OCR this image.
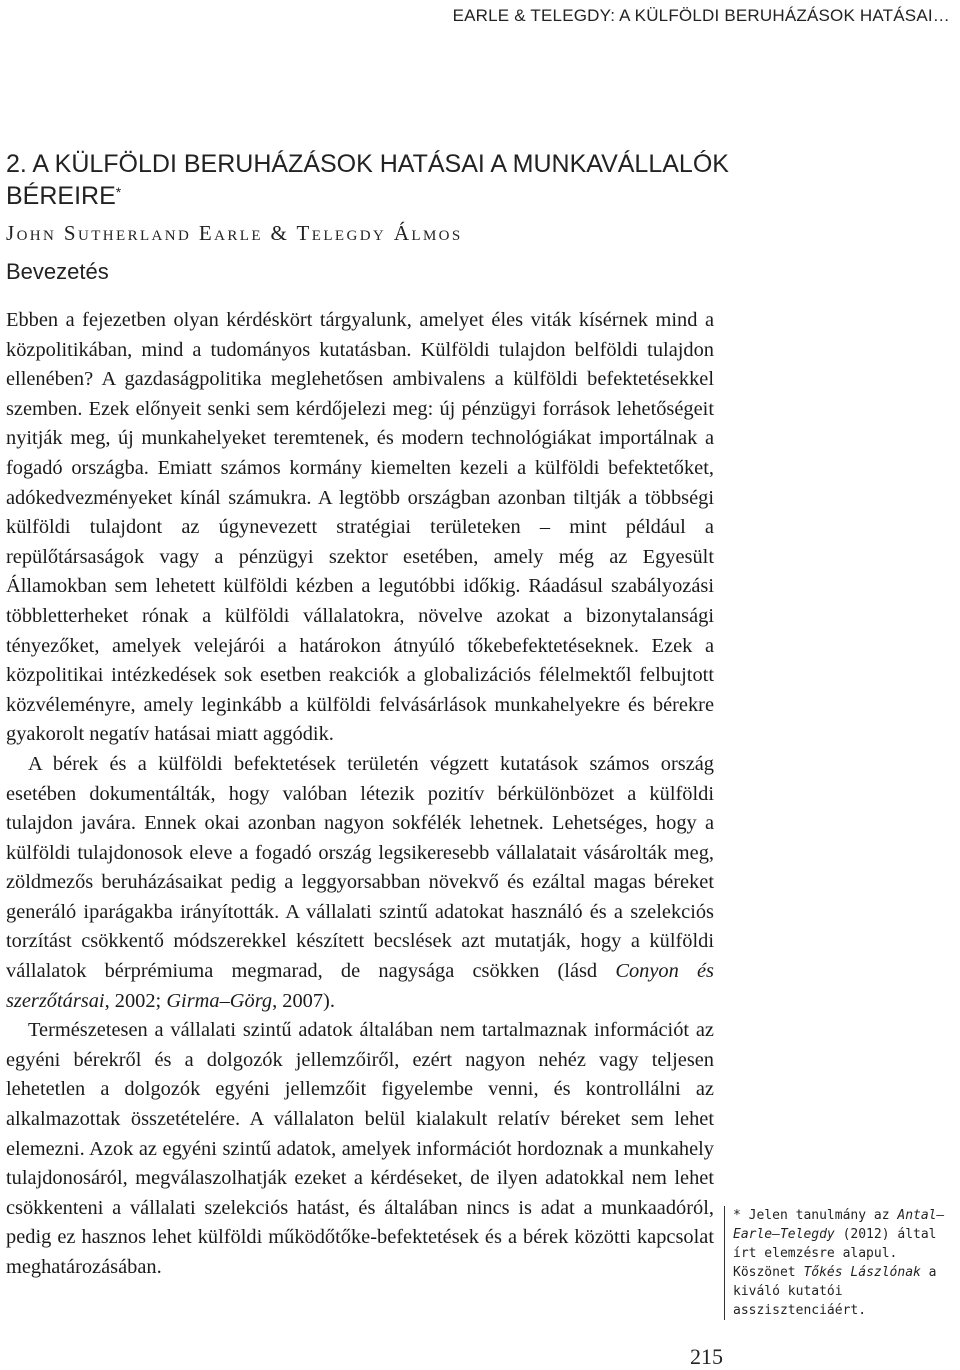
EARLE & TELEGDY: A KÜLFÖLDI BERUHÁZÁSOK HATÁSAI…
2. A KÜLFÖLDI BERUHÁZÁSOK HATÁSAI A MUNKAVÁLLALÓK BÉREIRE*
John Sutherland Earle & Telegdy Álmos
Bevezetés

Ebben a fejezetben olyan kérdéskört tárgyalunk, amelyet éles viták kísérnek mind a közpolitikában, mind a tudományos kutatásban. Külföldi tulajdon belföldi tulajdon ellenében? A gazdaságpolitika meglehetősen ambivalens a külföldi befektetésekkel szemben. Ezek előnyeit senki sem kérdőjelezi meg: új pénzügyi források lehetőségeit nyitják meg, új munkahelyeket teremtenek, és modern technológiákat importálnak a fogadó országba. Emiatt számos kormány kiemelten kezeli a külföldi befektetőket, adókedvezményeket kínál számukra. A legtöbb országban azonban tiltják a többségi külföldi tulajdont az úgynevezett stratégiai területeken – mint például a repülőtársaságok vagy a pénzügyi szektor esetében, amely még az Egyesült Államokban sem lehetett külföldi kézben a legutóbbi időkig. Ráadásul szabályozási többletterheket rónak a külföldi vállalatokra, növelve azokat a bizonytalansági tényezőket, amelyek velejárói a határokon átnyúló tőkebefektetéseknek. Ezek a közpolitikai intézkedések sok esetben reakciók a globalizációs félelmektől felbujtott közvéleményre, amely leginkább a külföldi felvásárlások munkahelyekre és bérekre gyakorolt negatív hatásai miatt aggódik.

A bérek és a külföldi befektetések területén végzett kutatások számos ország esetében dokumentálták, hogy valóban létezik pozitív bérkülönbözet a külföldi tulajdon javára. Ennek okai azonban nagyon sokfélék lehetnek. Lehetséges, hogy a külföldi tulajdonosok eleve a fogadó ország legsikeresebb vállalatait vásárolták meg, zöldmezős beruházásaikat pedig a leggyorsabban növekvő és ezáltal magas béreket generáló iparágakba irányították. A vállalati szintű adatokat használó és a szelekciós torzítást csökkentő módszerekkel készített becslések azt mutatják, hogy a külföldi vállalatok bérprémiuma megmarad, de nagysága csökken (lásd Conyon és szerzőtársai, 2002; Girma–Görg, 2007).

Természetesen a vállalati szintű adatok általában nem tartalmaznak információt az egyéni bérekről és a dolgozók jellemzőiről, ezért nagyon nehéz vagy teljesen lehetetlen a dolgozók egyéni jellemzőit figyelembe venni, és kontrollálni az alkalmazottak összetételére. A vállalaton belül kialakult relatív béreket sem lehet elemezni. Azok az egyéni szintű adatok, amelyek információt hordoznak a munkahely tulajdonosáról, megválaszolhatják ezeket a kérdéseket, de ilyen adatokkal nem lehet csökkenteni a vállalati szelekciós hatást, és általában nincs is adat a munkaadóról, pedig ez hasznos lehet külföldi működőtőke-befektetések és a bérek közötti kapcsolat meghatározásában.

* Jelen tanulmány az Antal–Earle–Telegdy (2012) által írt elemzésre alapul. Köszönet Tőkés Lászlónak a kiváló kutatói asszisztenciáért.
215
